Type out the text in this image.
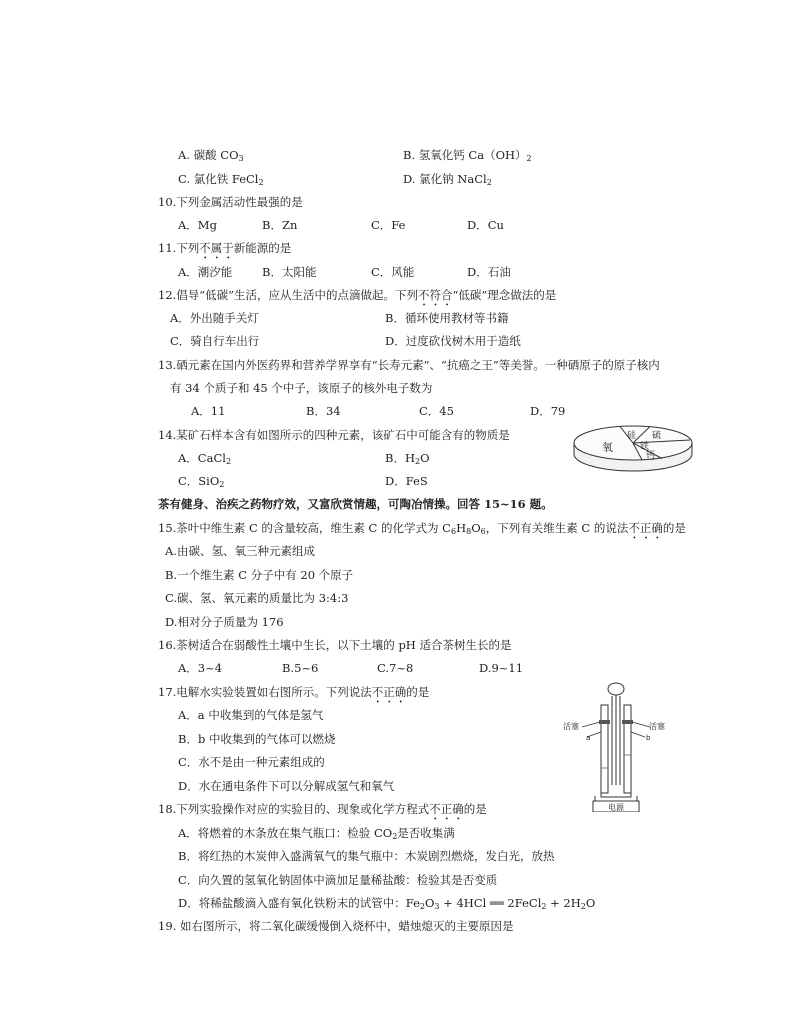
A. 碳酸 $CO_3$	B. 氢氧化钙 $Ca(OH)_2$
C. 氯化铁 FeCl$_2$	D. 氯化钠 NaCl$_2$
10.下列金属活动性最强的是
A．Mg	B．Zn	C．Fe	D．Cu
11.下列不属于新能源的是
A．潮汐能	B．太阳能	C．风能	D．石油
12.倡导“低碳”生活，应从生活中的点滴做起。下列不符合“低碳”理念做法的是
A．外出随手关灯	B．循环使用教材等书籍
C．骑自行车出行	D．过度砍伐树木用于造纸
13.硒元素在国内外医药界和营养学界享有“长寿元素”、“抗癌之王”等美誉。一种硒原子的原子核内
有 34 个质子和 45 个中子，该原子的核外电子数为
A．11	B．34	C．45	D．79
14.某矿石样本含有如图所示的四种元素，该矿石中可能含有的物质是
A．CaCl$_2$	B．$H_2O$
C．SiO$_2$	D．FeS
氧
硅 硫
铁
钙
茶有健身、治疾之药物疗效，又富欣赏情趣，可陶冶情操。回答 15~16 题。
15.茶叶中维生素 C 的含量较高，维生素 C 的化学式为 $C_6H_8O_6$，下列有关维生素 C 的说法不正确的是
A.由碳、氢、氧三种元素组成
B.一个维生素 C 分子中有 20 个原子
C.碳、氢、氧元素的质量比为 3:4:3
D.相对分子质量为 176
16.茶树适合在弱酸性土壤中生长，以下土壤的 pH 适合茶树生长的是
A．3~4	B.5~6	C.7~8	D.9~11
17.电解水实验装置如右图所示。下列说法不正确的是
A．a 中收集到的气体是氢气
B．b 中收集到的气体可以燃烧
C．水不是由一种元素组成的
D．水在通电条件下可以分解成氢气和氧气
活塞	活塞
a	b
电源
18.下列实验操作对应的实验目的、现象或化学方程式不正确的是
A．将燃着的木条放在集气瓶口：检验 $CO_2$是否收集满
B．将红热的木炭伸入盛满氧气的集气瓶中：木炭剧烈燃烧，发白光，放热
C．向久置的氢氧化钠固体中滴加足量稀盐酸：检验其是否变质
D．将稀盐酸滴入盛有氧化铁粉末的试管中：$Fe_2O_3 + 4HCl$ ══ 2FeCl$_2$ + $2H_2O$
19. 如右图所示，将二氧化碳缓慢倒入烧杯中，蜡烛熄灭的主要原因是
